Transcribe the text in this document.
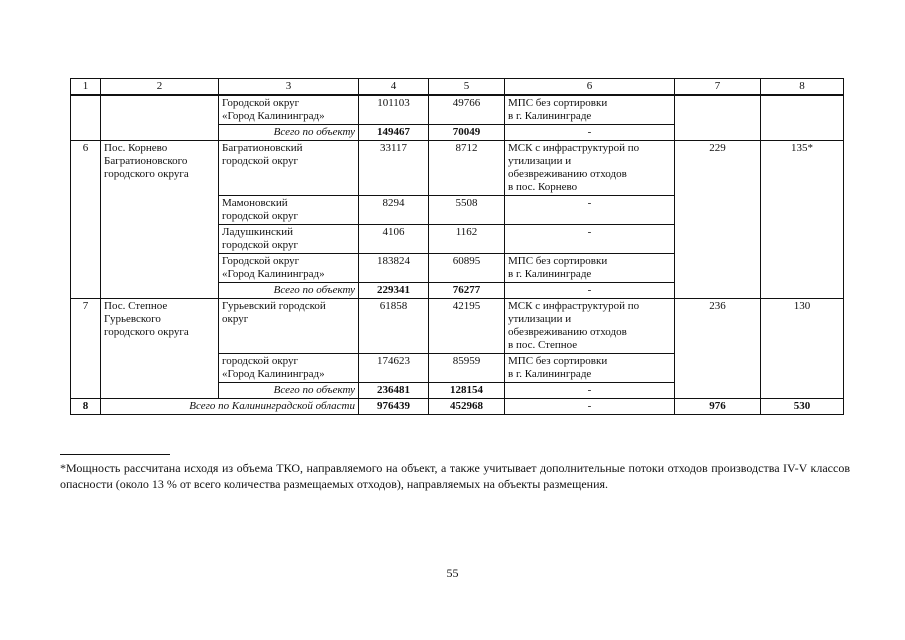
1	2	3	4	5	6	7	8
		Городской округ
«Город Калининград»	101103	49766	МПС без сортировки
в г. Калининграде		
		Всего по объекту	149467	70049	-		
6	Пос. Корнево
Багратионовского
городского округа	Багратионовский
городской округ	33117	8712	МСК с инфраструктурой по
утилизации и
обезвреживанию отходов
в пос. Корнево	229	135*
		Мамоновский
городской округ	8294	5508	-		
		Ладушкинский
городской округ	4106	1162	-		
		Городской округ
«Город Калининград»	183824	60895	МПС без сортировки
в г. Калининграде		
		Всего по объекту	229341	76277	-		
7	Пос. Степное
Гурьевского
городского округа	Гурьевский городской
округ	61858	42195	МСК с инфраструктурой по
утилизации и
обезвреживанию отходов
в пос. Степное	236	130
		городской округ
«Город Калининград»	174623	85959	МПС без сортировки
в г. Калининграде		
		Всего по объекту	236481	128154	-		
8	Всего по Калининградской области		976439	452968	-	976	530
*Мощность рассчитана исходя из объема ТКО, направляемого на объект, а также учитывает дополнительные потоки отходов производства IV-V классов опасности (около 13 % от всего количества размещаемых отходов), направляемых на объекты размещения.
55
